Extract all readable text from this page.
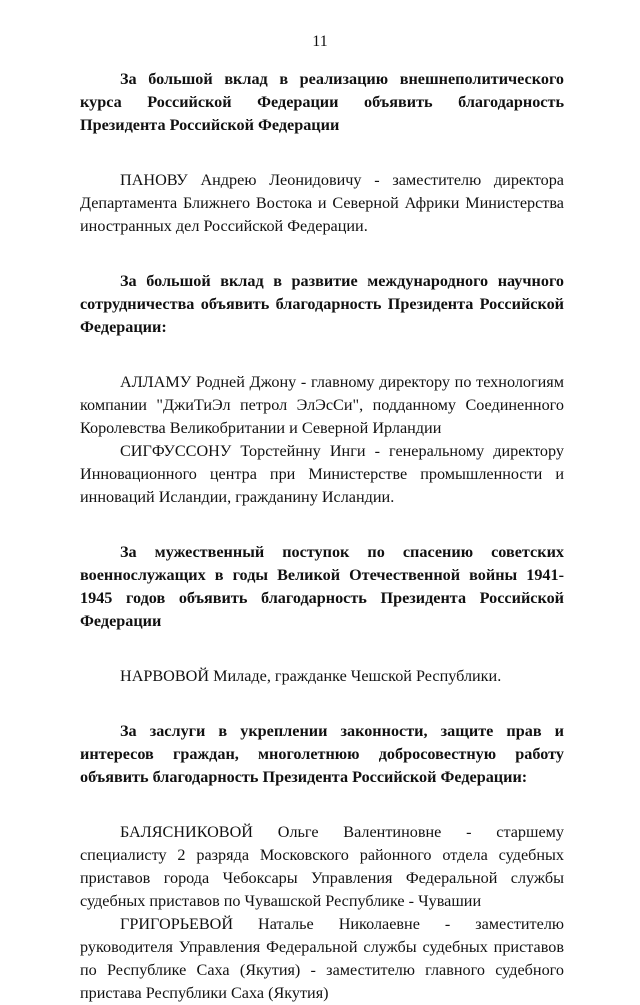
11

За большой вклад в реализацию внешнеполитического курса Российской Федерации объявить благодарность Президента Российской Федерации

ПАНОВУ Андрею Леонидовичу - заместителю директора Департамента Ближнего Востока и Северной Африки Министерства иностранных дел Российской Федерации.

За большой вклад в развитие международного научного сотрудничества объявить благодарность Президента Российской Федерации:

АЛЛАМУ Родней Джону - главному директору по технологиям компании "ДжиТиЭл петрол ЭлЭсСи", подданному Соединенного Королевства Великобритании и Северной Ирландии

СИГФУССОНУ Торстейнну Инги - генеральному директору Инновационного центра при Министерстве промышленности и инноваций Исландии, гражданину Исландии.

За мужественный поступок по спасению советских военнослужащих в годы Великой Отечественной войны 1941-1945 годов объявить благодарность Президента Российской Федерации

НАРВОВОЙ Миладе, гражданке Чешской Республики.

За заслуги в укреплении законности, защите прав и интересов граждан, многолетнюю добросовестную работу объявить благодарность Президента Российской Федерации:

БАЛЯСНИКОВОЙ Ольге Валентиновне - старшему специалисту 2 разряда Московского районного отдела судебных приставов города Чебоксары Управления Федеральной службы судебных приставов по Чувашской Республике - Чувашии

ГРИГОРЬЕВОЙ Наталье Николаевне - заместителю руководителя Управления Федеральной службы судебных приставов по Республике Саха (Якутия) - заместителю главного судебного пристава Республики Саха (Якутия)
